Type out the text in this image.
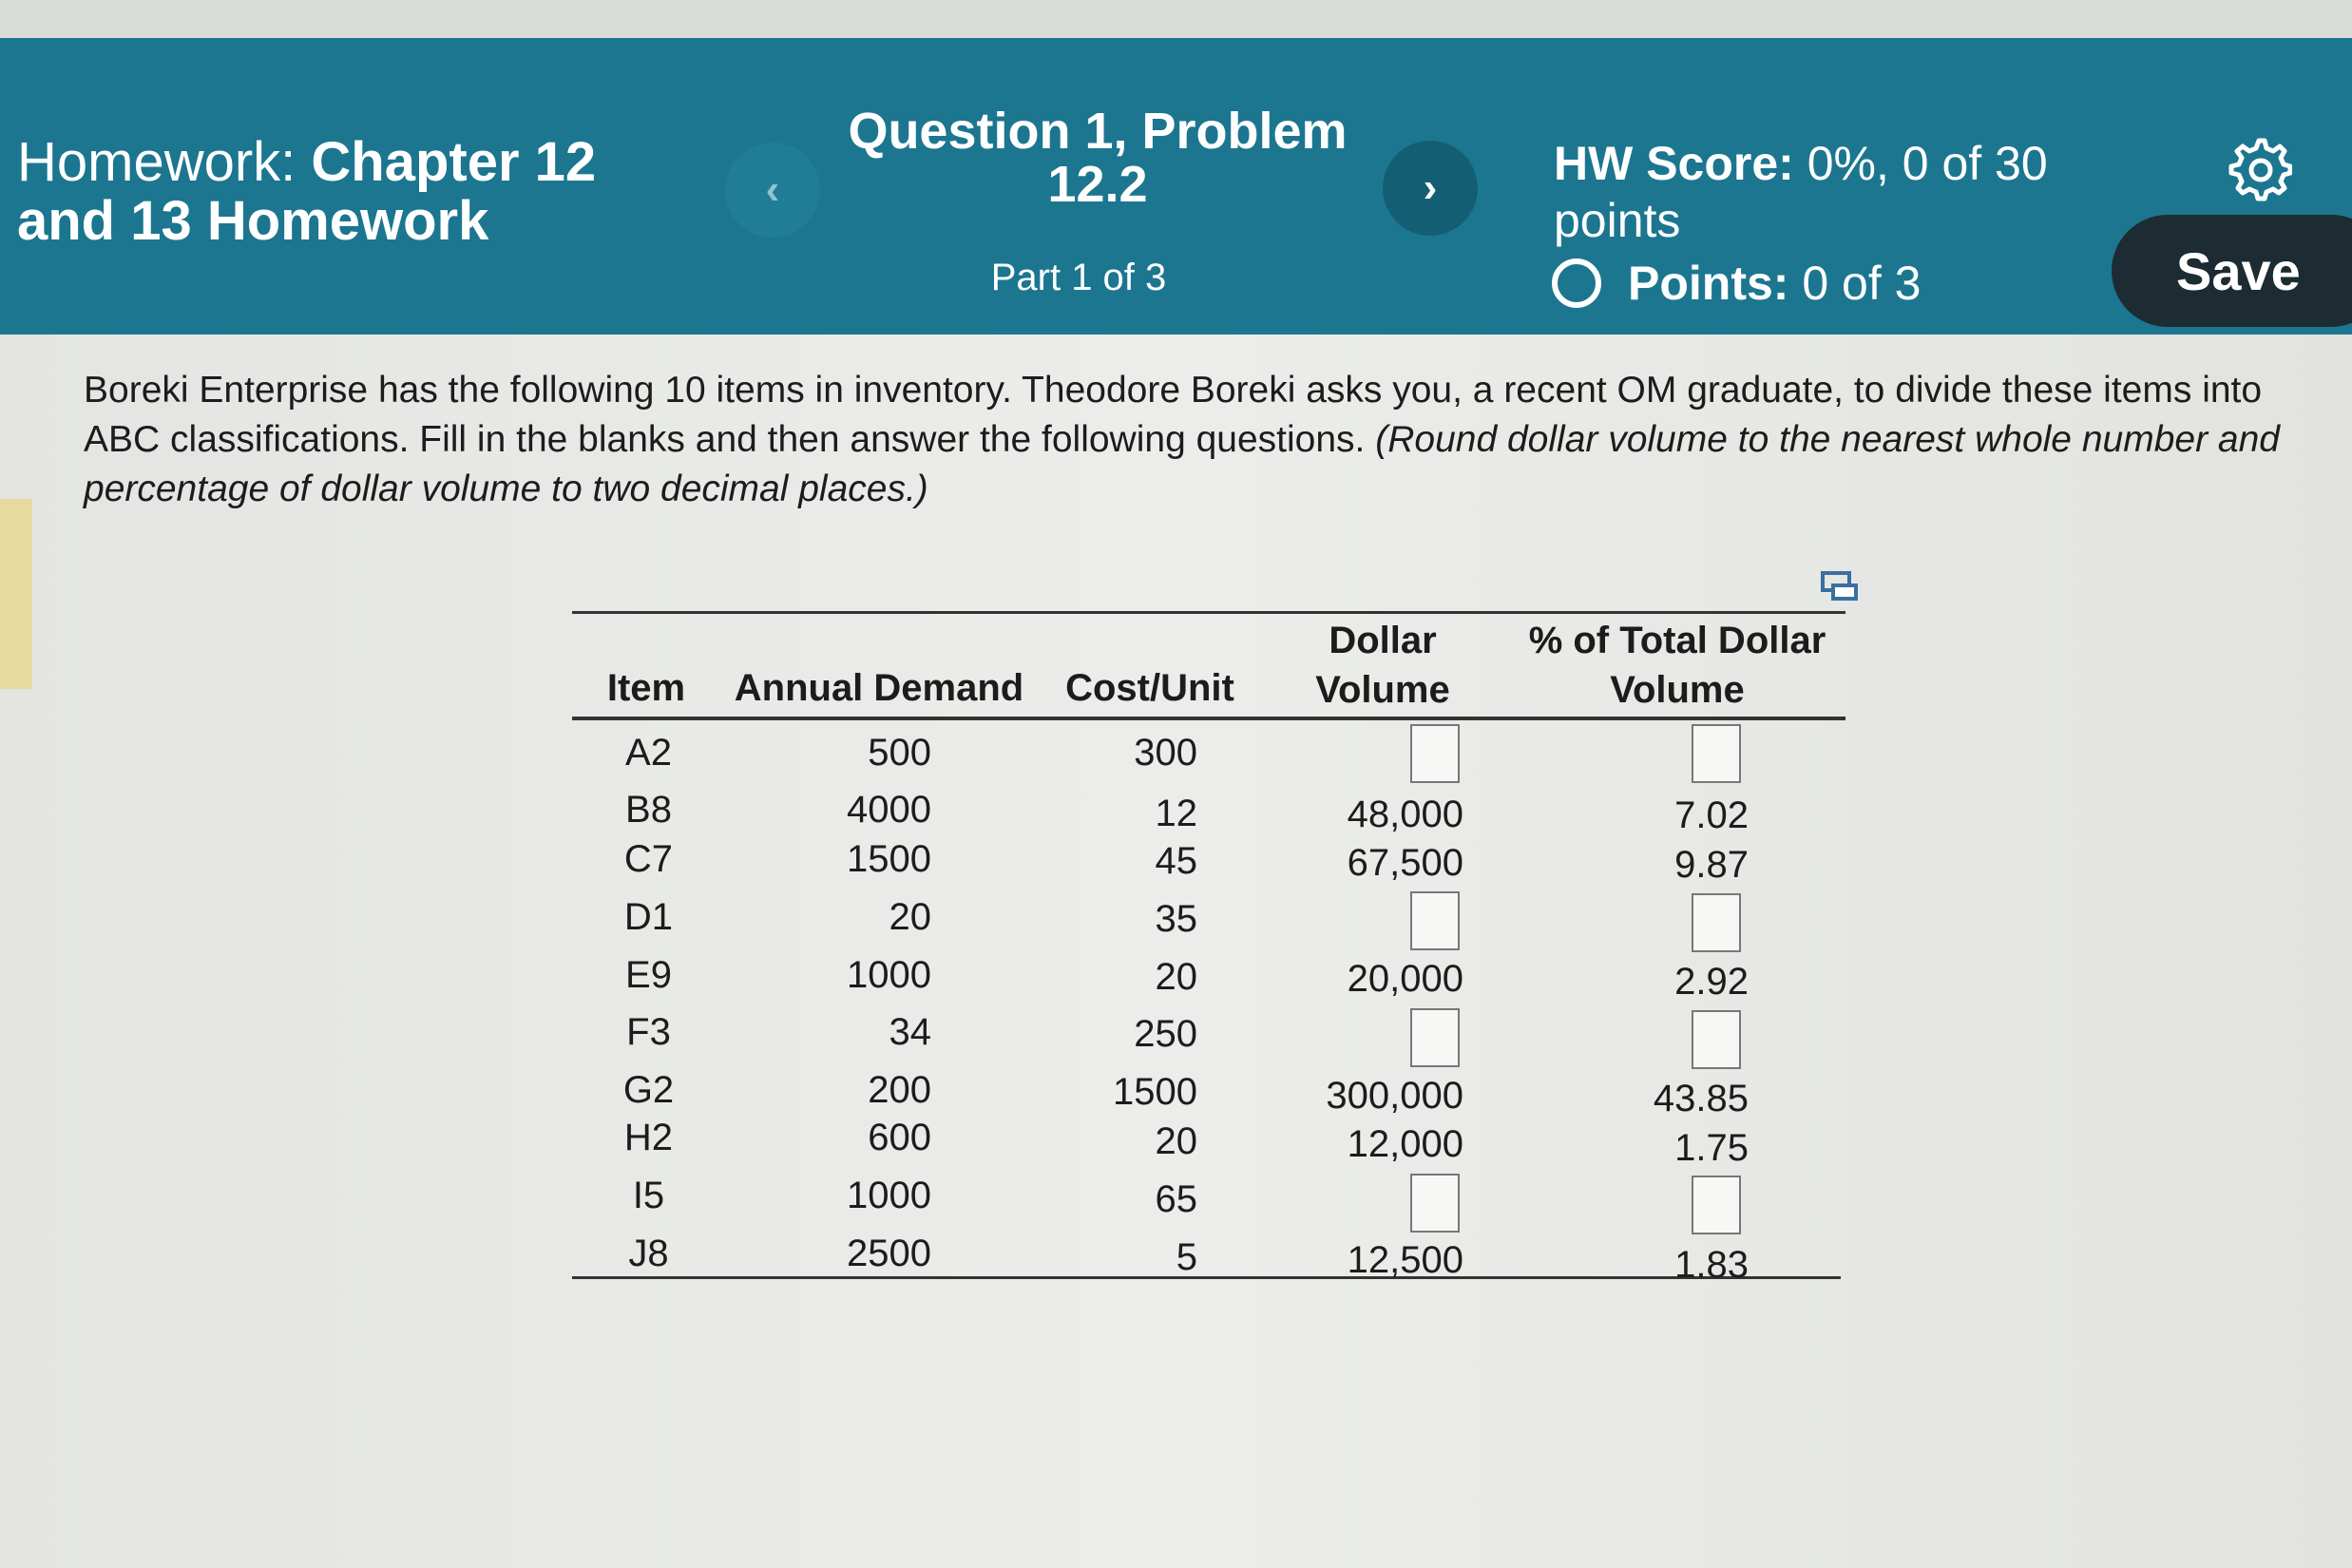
Homework: Chapter 12
and 13 Homework
‹
Question 1, Problem
12.2
Part 1 of 3
› HW Score: 0%, 0 of 30
points
Points:
0 of 3	Save
Boreki Enterprise has the following 10 items in inventory. Theodore Boreki asks you, a recent OM graduate, to divide these items into ABC classifications. Fill in the blanks and then answer the following questions. (Round dollar volume to the nearest whole number and percentage of dollar volume to two decimal places.)
Item	Annual Demand Cost/Unit
Dollar
Volume
% of Total Dollar
Volume
A2	500	300
B8	4000	12	48,000	7.02
C7	1500	45	67,500	9.87
D1	20	35
E9	1000	20	20,000	2.92
F3	34	250
G2	200	1500	300,000	43.85
H2	600	20	12,000	1.75
I5	1000	65
J8	2500	5	12,500	1.83
